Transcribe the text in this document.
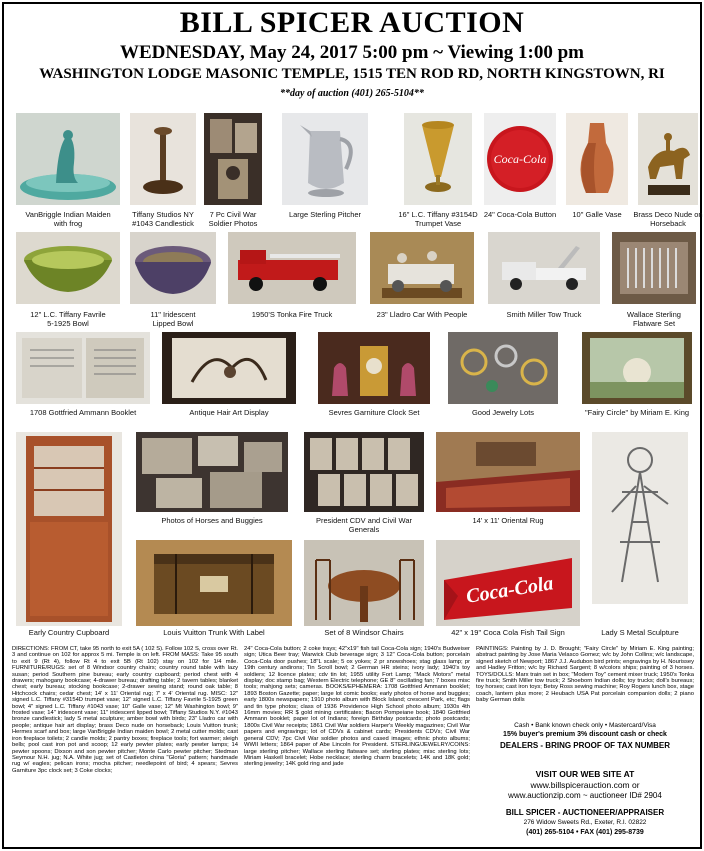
BILL SPICER AUCTION
WEDNESDAY, May 24, 2017 5:00 pm ~ Viewing 1:00 pm
WASHINGTON LODGE MASONIC TEMPLE, 1515 TEN ROD RD, NORTH KINGSTOWN, RI
**day of auction (401) 265-5104**
VanBriggle Indian Maiden
with frog
Tiffany Studios NY
#1043 Candlestick
7 Pc Civil War
Soldier Photos
Large Sterling Pitcher	16" L.C. Tiffany #3154D
Trumpet Vase
Coca-Cola
24" Coca-Cola Button	10" Galle Vase	Brass Deco Nude on
Horseback
12" L.C. Tiffany Favrile
5-1925 Bowl
11" Iridescent
Lipped Bowl
1950'S Tonka Fire Truck	23" Lladro Car With People	Smith Miller Tow Truck	Wallace Sterling
Flatware Set
1708 Gottfried Ammann Booklet	Antique Hair Art Display	Sevres Garniture Clock Set	Good Jewelry Lots	"Fairy Circle" by Miriam E. King
Early Country Cupboard
Photos of Horses and Buggies	President CDV and Civil War
Generals
14' x 11' Oriental Rug
Lady S Metal Sculpture
Louis Vuitton Trunk With Label	Set of 8 Windsor Chairs
Coca-Cola
42" x 19" Coca Cola Fish Tail Sign
DIRECTIONS: FROM CT, take 95 north to exit 5A ( 102 S). Follow 102 S, cross over Rt. 3 and continue on 102 for approx 5 mi. Temple is on left. FROM MASS: Take 95 south to exit 9 (Rt 4), follow Rt 4 to exit 5B (Rt 102) stay on 102 for 1/4 mile. FURNITURE/RUGS: set of 8 Windsor country chairs; country round table with lazy susan; period Southern pine bureau; early country cupboard; period chest with 4 drawers; mahogany bookcase; 4-drawer bureau; drafting table; 2 tavern tables; blanket chest; early bureau; stocking bookcase; 2-drawer sewing stand; round oak table; 8 Hitchcock chairs; cedar chest; 14' x 11' Oriental rug; 7' x 4' Oriental rug. MISC: 12" signed L.C. Tiffany #3154D trumpet vase; 12" signed L.C. Tiffany Favrile 5-1925 green bowl; 4" signed L.C. Tiffany #1043 vase; 10" Galle vase; 12" Mt Washington bowl; 9" frosted vase; 14" iridescent vase; 11" iridescent lipped bowl; Tiffany Studios N.Y. #1043 bronze candlestick; lady S metal sculpture; amber bowl with birds; 23" Lladro car with people; antique hair art display; brass Deco nude on horseback; Louis Vuitton trunk; Hermes scarf and box; large VanBriggle Indian maiden bowl; 2 metal cutter molds; cast iron fireplace toilets; 2 candle molds; 2 pantry boxes; fireplace tools; fort warmer; sleigh bells; pool cast iron pot and scoop; 12 early pewter plates; early pewter lamps; 14 pewter spoons; Dixson and son pewter pitcher; Monte Carlo pewter pitcher; Stedman Seymour N.H. jug; N.A. White jug; set of Castleton china "Gloria" pattern; handmade rug w/ eagles; pelican irons; mocha pitcher; needlepoint of bird; 4 spears; Sevres Garniture 3pc clock set; 3 Coke clocks;
24" Coca-Cola button; 2 coke trays; 42"x19" fish tail Coca-Cola sign; 1940's Budweiser sign; Utica Beer tray; Warwick Club beverage sign; 3 12" Coca-Cola button; porcelain Coca-Cola door pushes; 18"L scale; 5 ox yokes; 2 pr snowshoes; stag glass lamp; pr 19th century andirons; Tin Scroll bowl; 2 German HR steins; ivory lady; 1940's toy soldiers; 12 licence plates; cdv tin lot; 1955 utility Fort Lamp; "Mack Motors" metal display; doc stamp bag; Western Electric telephone; GE 8" oscillating fan; 7 boxes misc tools; mahjong sets; cameras. BOOKS/EPHEMERA: 1708 Gottfried Ammann booklet; 1893 Boston Gazette; paper; large lot comic books; early photos of horse and buggies; early 1800s newspapers; 1910 photo album with Block Island; crescent Park, etc; flags and tin type photos; class of 1936 Providence High School photo album; 1930s 4th 16mm movies; RR $ gold mining certificates; Bacon Pompeiane book; 1840 Gottfried Ammann booklet; paper lot of Indians; foreign Birthday postcards; photo postcards; 1800s Civil War receipts; 1861 Civil War soldiers Harper's Weekly magazines; Civil War papers and engravings; lot of CDVs & cabinet cards; Presidents CDVs; Civil War general CDV; 7pc Civil War soldier photos and cased images; ethnic photo albums; WWII letters; 1864 paper of Abe Lincoln for President. STERLING/JEWELRY/COINS: large sterling pitcher; Wallace sterling flatware set; sterling plates; misc sterling lots; Miriam Haskell bracelet; Hobe necklace; sterling charm bracelets; 14K and 18K gold; sterling jewelry; 14K gold ring and jade
PAINTINGS: Painting by J. D. Brought; "Fairy Circle" by Miriam E. King painting; abstract painting by Jose Maria Velasco Gomez; w/c by John Collins; w/c landscape, signed sketch of Newport; 1867 J.J. Audubon bird prints; engravings by H. Nourissey and Hadley Fritton; w/c by Richard Sargent; 8 w/colors ships; painting of 3 horses. TOYS/DOLLS: Marx train set in box; "Modern Toy" cement mixer truck; 1950's Tonka fire truck; Smith Miller tow truck; 2 Shoeborn Indian dolls; toy trucks; doll's bureaus; toy horses; cast iron toys; Betsy Ross sewing machine; Roy Rogers lunch box, stage coach, lantern plus more; 2 Heubach USA Pat porcelain companion dolls; 2 piano baby German dolls
Cash • Bank known check only • Mastercard/Visa
15% buyer's premium 3% discount cash or check
DEALERS - BRING PROOF OF TAX NUMBER
VISIT OUR WEB SITE AT
www.billspicerauction.com or
www.auctionzip.com ~ auctioneer ID# 2904
BILL SPICER - AUCTIONEER/APPRAISER
276 Widow Sweets Rd., Exeter, R.I. 02822
(401) 265-5104 • FAX (401) 295-8739
